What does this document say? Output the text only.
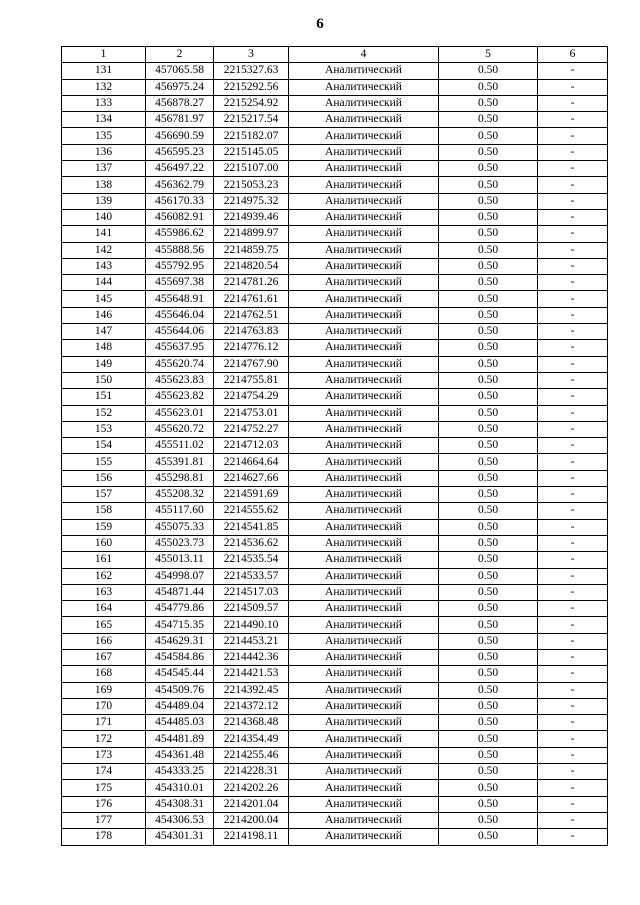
6
1	2	3	4	5	6
131	457065.58	2215327.63	Аналитический	0.50	-
132	456975.24	2215292.56	Аналитический	0.50	-
133	456878.27	2215254.92	Аналитический	0.50	-
134	456781.97	2215217.54	Аналитический	0.50	-
135	456690.59	2215182.07	Аналитический	0.50	-
136	456595.23	2215145.05	Аналитический	0.50	-
137	456497.22	2215107.00	Аналитический	0.50	-
138	456362.79	2215053.23	Аналитический	0.50	-
139	456170.33	2214975.32	Аналитический	0.50	-
140	456082.91	2214939.46	Аналитический	0.50	-
141	455986.62	2214899.97	Аналитический	0.50	-
142	455888.56	2214859.75	Аналитический	0.50	-
143	455792.95	2214820.54	Аналитический	0.50	-
144	455697.38	2214781.26	Аналитический	0.50	-
145	455648.91	2214761.61	Аналитический	0.50	-
146	455646.04	2214762.51	Аналитический	0.50	-
147	455644.06	2214763.83	Аналитический	0.50	-
148	455637.95	2214776.12	Аналитический	0.50	-
149	455620.74	2214767.90	Аналитический	0.50	-
150	455623.83	2214755.81	Аналитический	0.50	-
151	455623.82	2214754.29	Аналитический	0.50	-
152	455623.01	2214753.01	Аналитический	0.50	-
153	455620.72	2214752.27	Аналитический	0.50	-
154	455511.02	2214712.03	Аналитический	0.50	-
155	455391.81	2214664.64	Аналитический	0.50	-
156	455298.81	2214627.66	Аналитический	0.50	-
157	455208.32	2214591.69	Аналитический	0.50	-
158	455117.60	2214555.62	Аналитический	0.50	-
159	455075.33	2214541.85	Аналитический	0.50	-
160	455023.73	2214536.62	Аналитический	0.50	-
161	455013.11	2214535.54	Аналитический	0.50	-
162	454998.07	2214533.57	Аналитический	0.50	-
163	454871.44	2214517.03	Аналитический	0.50	-
164	454779.86	2214509.57	Аналитический	0.50	-
165	454715.35	2214490.10	Аналитический	0.50	-
166	454629.31	2214453.21	Аналитический	0.50	-
167	454584.86	2214442.36	Аналитический	0.50	-
168	454545.44	2214421.53	Аналитический	0.50	-
169	454509.76	2214392.45	Аналитический	0.50	-
170	454489.04	2214372.12	Аналитический	0.50	-
171	454485.03	2214368.48	Аналитический	0.50	-
172	454481.89	2214354.49	Аналитический	0.50	-
173	454361.48	2214255.46	Аналитический	0.50	-
174	454333.25	2214228.31	Аналитический	0.50	-
175	454310.01	2214202.26	Аналитический	0.50	-
176	454308.31	2214201.04	Аналитический	0.50	-
177	454306.53	2214200.04	Аналитический	0.50	-
178	454301.31	2214198.11	Аналитический	0.50	-
